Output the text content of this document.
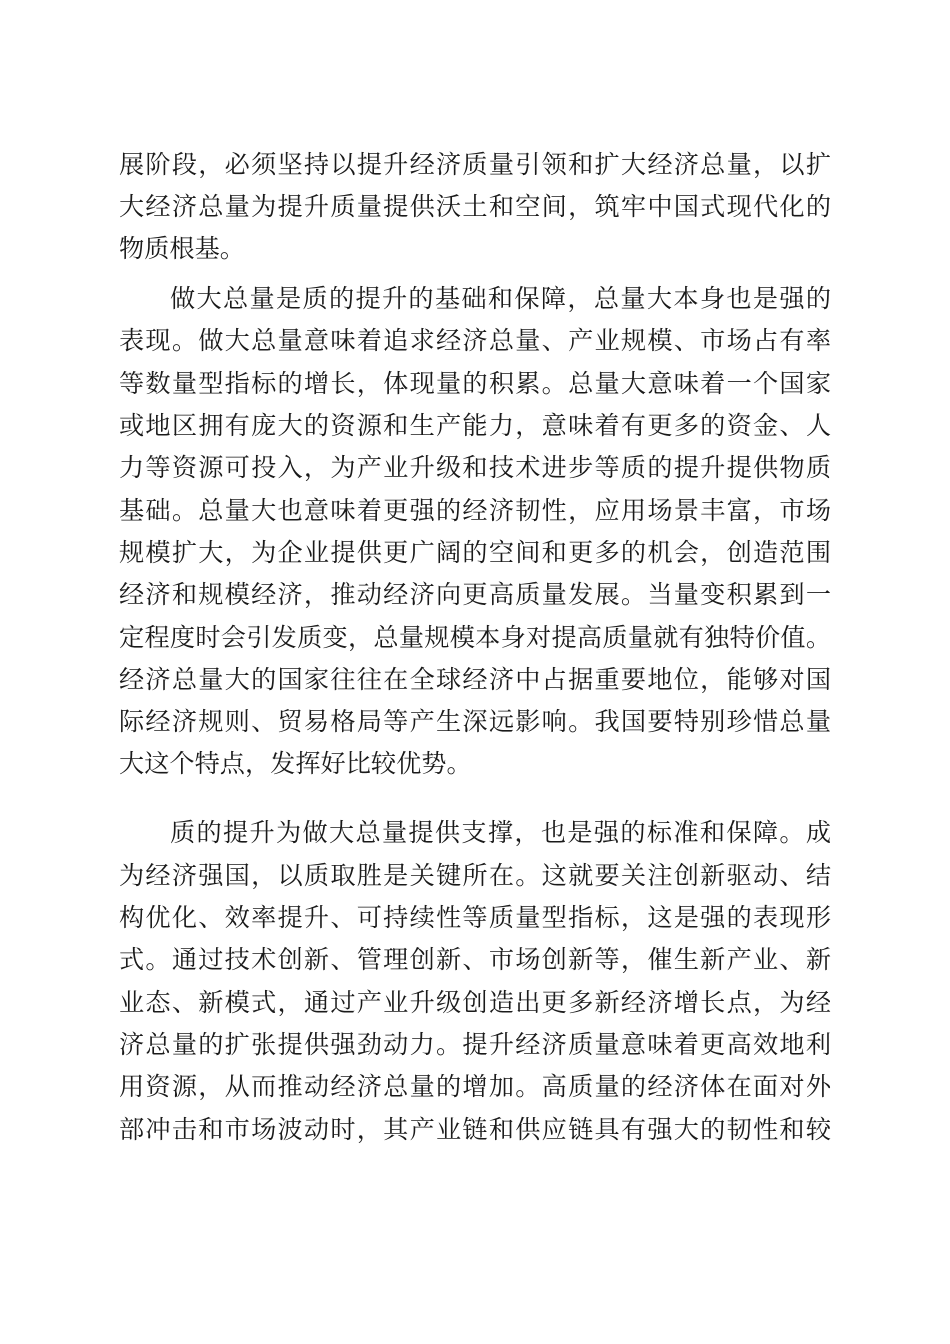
展阶段，必须坚持以提升经济质量引领和扩大经济总量，以扩
大经济总量为提升质量提供沃土和空间，筑牢中国式现代化的
物质根基。
做大总量是质的提升的基础和保障，总量大本身也是强的
表现。做大总量意味着追求经济总量、产业规模、市场占有率
等数量型指标的增长，体现量的积累。总量大意味着一个国家
或地区拥有庞大的资源和生产能力，意味着有更多的资金、人
力等资源可投入，为产业升级和技术进步等质的提升提供物质
基础。总量大也意味着更强的经济韧性，应用场景丰富，市场
规模扩大，为企业提供更广阔的空间和更多的机会，创造范围
经济和规模经济，推动经济向更高质量发展。当量变积累到一
定程度时会引发质变，总量规模本身对提高质量就有独特价值。
经济总量大的国家往往在全球经济中占据重要地位，能够对国
际经济规则、贸易格局等产生深远影响。我国要特别珍惜总量
大这个特点，发挥好比较优势。
质的提升为做大总量提供支撑，也是强的标准和保障。成
为经济强国，以质取胜是关键所在。这就要关注创新驱动、结
构优化、效率提升、可持续性等质量型指标，这是强的表现形
式。通过技术创新、管理创新、市场创新等，催生新产业、新
业态、新模式，通过产业升级创造出更多新经济增长点，为经
济总量的扩张提供强劲动力。提升经济质量意味着更高效地利
用资源，从而推动经济总量的增加。高质量的经济体在面对外
部冲击和市场波动时，其产业链和供应链具有强大的韧性和较
